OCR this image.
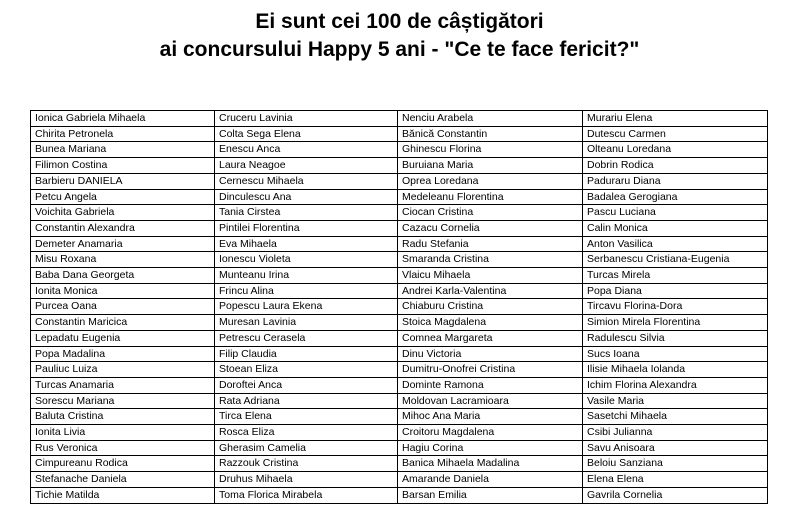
Ei sunt cei 100 de câștigători
ai concursului Happy 5 ani - "Ce te face fericit?"
Ionica Gabriela Mihaela	Cruceru Lavinia	Nenciu Arabela	Murariu Elena
Chirita Petronela	Colta Sega Elena	Bănică Constantin	Dutescu Carmen
Bunea Mariana	Enescu Anca	Ghinescu Florina	Olteanu Loredana
Filimon Costina	Laura Neagoe	Buruiana Maria	Dobrin Rodica
Barbieru DANIELA	Cernescu Mihaela	Oprea Loredana	Paduraru Diana
Petcu Angela	Dinculescu Ana	Medeleanu Florentina	Badalea Gerogiana
Voichita Gabriela	Tania Cirstea	Ciocan Cristina	Pascu Luciana
Constantin Alexandra	Pintilei Florentina	Cazacu Cornelia	Calin Monica
Demeter Anamaria	Eva Mihaela	Radu Stefania	Anton Vasilica
Misu Roxana	Ionescu Violeta	Smaranda Cristina	Serbanescu Cristiana-Eugenia
Baba Dana Georgeta	Munteanu Irina	Vlaicu Mihaela	Turcas Mirela
Ionita Monica	Frincu Alina	Andrei Karla-Valentina	Popa Diana
Purcea Oana	Popescu Laura Ekena	Chiaburu Cristina	Tircavu Florina-Dora
Constantin Maricica	Muresan Lavinia	Stoica Magdalena	Simion Mirela Florentina
Lepadatu Eugenia	Petrescu Cerasela	Comnea Margareta	Radulescu Silvia
Popa Madalina	Filip Claudia	Dinu Victoria	Sucs Ioana
Pauliuc Luiza	Stoean Eliza	Dumitru-Onofrei Cristina	Ilisie Mihaela Iolanda
Turcas Anamaria	Doroftei Anca	Dominte Ramona	Ichim Florina Alexandra
Sorescu Mariana	Rata Adriana	Moldovan Lacramioara	Vasile Maria
Baluta Cristina	Tirca Elena	Mihoc Ana Maria	Sasetchi Mihaela
Ionita Livia	Rosca Eliza	Croitoru Magdalena	Csibi Julianna
Rus Veronica	Gherasim Camelia	Hagiu Corina	Savu Anisoara
Cimpureanu Rodica	Razzouk Cristina	Banica Mihaela Madalina	Beloiu Sanziana
Stefanache Daniela	Druhus Mihaela	Amarande Daniela	Elena Elena
Tichie Matilda	Toma Florica Mirabela	Barsan Emilia	Gavrila Cornelia
